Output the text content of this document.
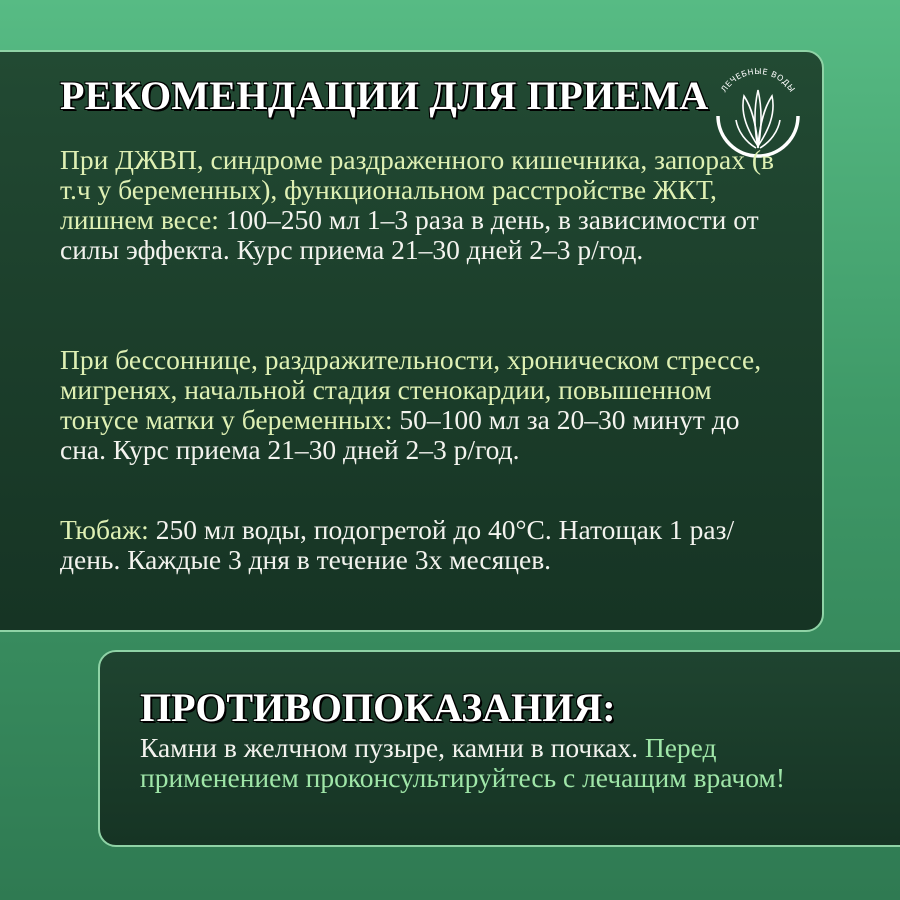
РЕКОМЕНДАЦИИ ДЛЯ ПРИЕМА ЛЕЧЕБНЫЕ ВОДЫ

При ДЖВП, синдроме раздраженного кишечника, запорах (в т.ч у беременных), функциональном расстройстве ЖКТ, лишнем весе: 100–250 мл 1–3 раза в день, в зависимости от силы эффекта. Курс приема 21–30 дней 2–3 р/год.

При бессоннице, раздражительности, хроническом стрессе, мигренях, начальной стадия стенокардии, повышенном тонусе матки у беременных: 50–100 мл за 20–30 минут до сна. Курс приема 21–30 дней 2–3 р/год.

Тюбаж: 250 мл воды, подогретой до 40°С. Натощак 1 раз/день. Каждые 3 дня в течение 3х месяцев.

ПРОТИВОПОКАЗАНИЯ:

Камни в желчном пузыре, камни в почках. Перед применением проконсультируйтесь с лечащим врачом!
